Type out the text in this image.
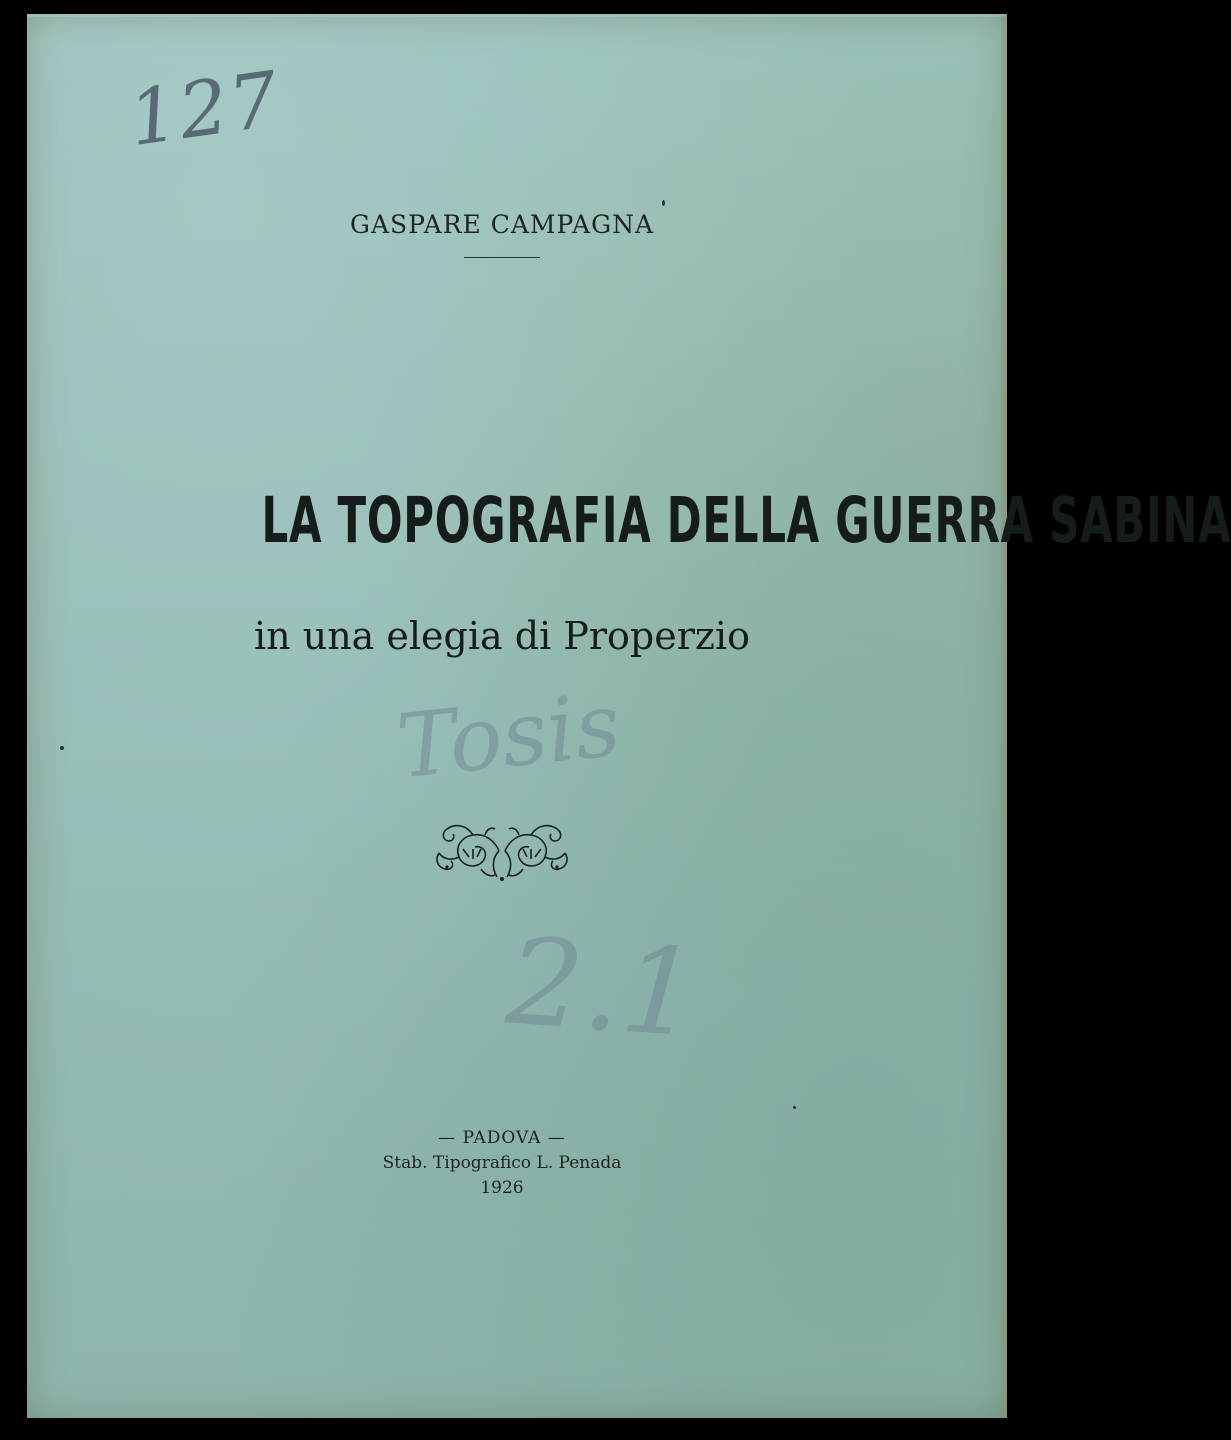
127
GASPARE CAMPAGNA
LA TOPOGRAFIA DELLA GUERRA SABINA
in una elegia di Properzio
Tosis
2.1
— PADOVA —
Stab. Tipografico L. Penada
1926
